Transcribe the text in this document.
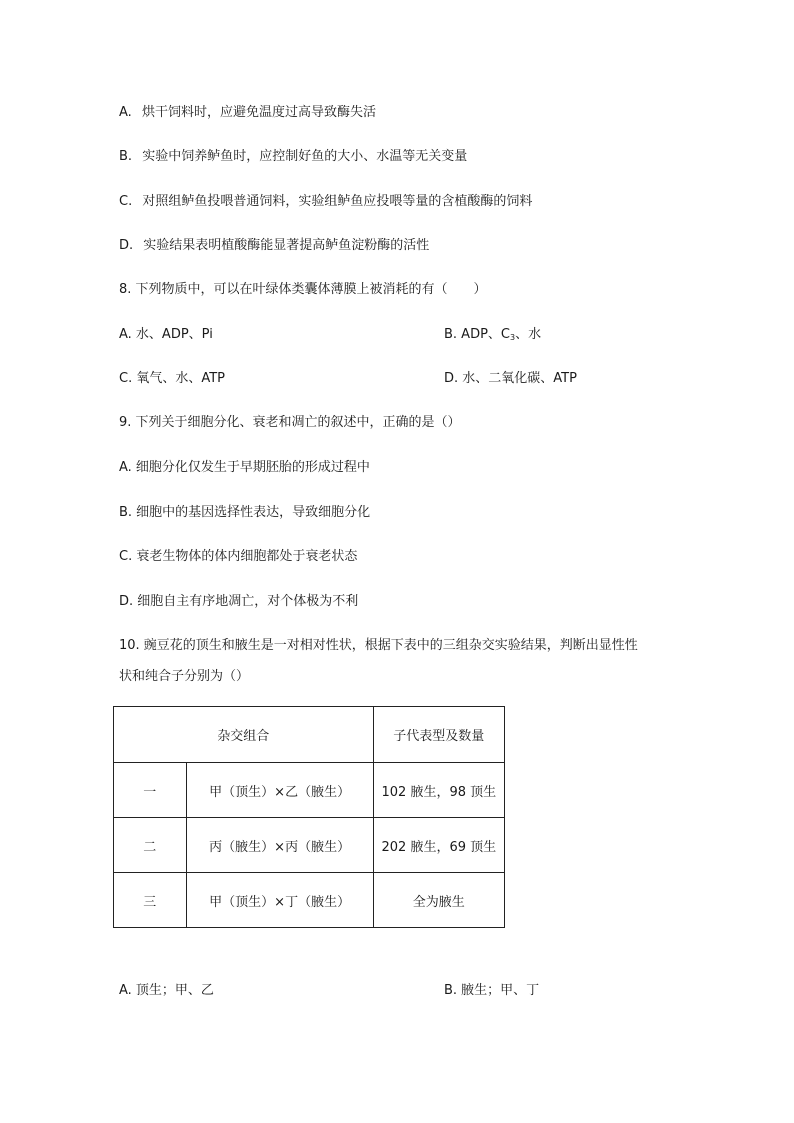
A. 烘干饲料时，应避免温度过高导致酶失活
B. 实验中饲养鲈鱼时，应控制好鱼的大小、水温等无关变量
C. 对照组鲈鱼投喂普通饲料，实验组鲈鱼应投喂等量的含植酸酶的饲料
D. 实验结果表明植酸酶能显著提高鲈鱼淀粉酶的活性
8. 下列物质中，可以在叶绿体类囊体薄膜上被消耗的有（　　）
A. 水、ADP、Pi	B. ADP、$C_3$、水
C. 氧气、水、ATP	D. 水、二氧化碳、ATP
9. 下列关于细胞分化、衰老和凋亡的叙述中，正确的是（）
A. 细胞分化仅发生于早期胚胎的形成过程中
B. 细胞中的基因选择性表达，导致细胞分化
C. 衰老生物体的体内细胞都处于衰老状态
D. 细胞自主有序地凋亡，对个体极为不利
10. 豌豆花的顶生和腋生是一对相对性状，根据下表中的三组杂交实验结果，判断出显性性
状和纯合子分别为（）
杂交组合		子代表型及数量
一	甲（顶生）×乙（腋生）	102 腋生，98 顶生
二	丙（腋生）×丙（腋生）	202 腋生，69 顶生
三	甲（顶生）×丁（腋生）	全为腋生
A. 顶生；甲、乙	B. 腋生；甲、丁
